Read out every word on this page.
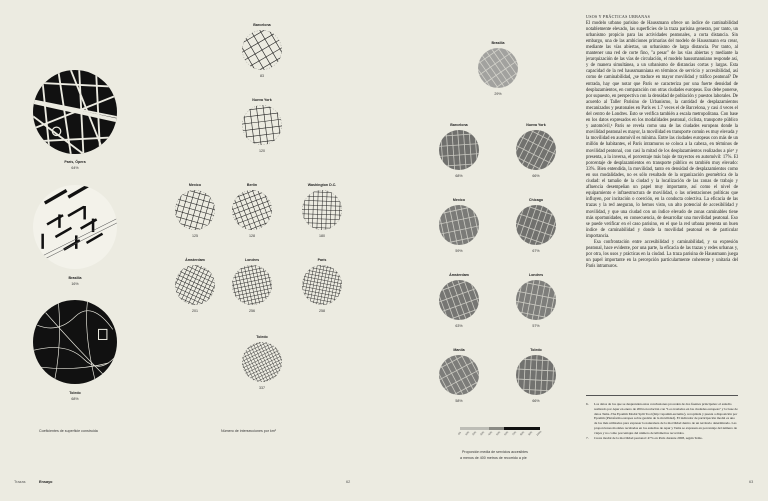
París, Ópera
64%
Brasilia
16%
Toledo
68%
Coeficientes de superficie construida
Barcelona
83
Nueva York
120
Mexico
125
Berlín
128
Washington D.C.
180
Ámsterdam
201
Londres
256
París
258
Toledo
337
Número de intersecciones por km²
Brasilia
29%
Barcelona
68%
Nueva York
66%
Mexico
59%
Chicago
67%
Ámsterdam
63%
Londres
57%
Manila
58%
Toledo
66%
0% 10% 20% 30% 40% 50% 60% 70% 80% 90% 100%
Proporción media de servicios accesibles
a menos de 400 metros de recorrido a pie

USOS Y PRÁCTICAS URBANAS

El modelo urbano parisino de Haussmann ofrece un índice de caminabilidad notablemente elevado, las superficies de la traza parisina generan, por tanto, un urbanismo propicio para las actividades peatonales, a corta distancia. Sin embargo, una de las ambiciones primarias del modelo de Haussmann era crear, mediante las vías abiertas, un urbanismo de larga distancia. Por tanto, al mantener una red de corte fino, "a pesar" de las vías abiertas y mediante la jerarquización de las vías de circulación, el modelo haussmanniano responde así, y de manera simultánea, a un urbanismo de distancias cortas y largas. Esta capacidad de la red haussmanniana en términos de servicio y accesibilidad, así como de caminabilidad, ¿se traduce en mayor movilidad y tráfico peatonal? De entrada, hay que notar que París se caracteriza por una fuerte densidad de desplazamientos, en comparación con otras ciudades europeas. Eso debe ponerse, por supuesto, en perspectiva con la densidad de población y puestos laborales. De acuerdo al Taller Parisino de Urbanismo, la cantidad de desplazamientos mecanizados y peatonales en París es 1.7 veces el de Barcelona, y casi 4 veces el del centro de Londres. Esto se verifica también a escala metropolitana. Con base en los datos expresados en los modalidades peatonal, ciclista, transporte público y automóvil,⁶ París se revela como una de las ciudades europeas donde la movilidad peatonal es mayor, la movilidad en transporte común es muy elevada y la movilidad en automóvil es mínima. Entre las ciudades europeas con más de un millón de habitantes, el París intramuros se coloca a la cabeza, en términos de movilidad peatonal, con casi la mitad de los desplazamientos realizados a pie⁷ y presenta, a la inversa, el porcentaje más bajo de trayectos en automóvil: 17%. El porcentaje de desplazamientos en transporte público es también muy elevado: 33%. Bien entendida, la movilidad, tanto en densidad de desplazamientos como en sus modalidades, no es sólo resultado de la organización geométrica de la ciudad: el tamaño de la ciudad y la localización de las zonas de trabajo y afluencia desempeñan un papel muy importante, así como el nivel de equipamiento e infraestructura de movilidad, o las orientaciones políticas que influyen, por incitación o coerción, en la conducta colectiva. La eficacia de las trazas y la red aseguran, lo hemos visto, un alto potencial de accesibilidad y movilidad, y que una ciudad con un índice elevado de zonas caminables tiene más oportunidades, en consecuencia, de desarrollar una movilidad peatonal. Eso se puede verificar en el caso parisino, en el que la red urbana presenta un buen índice de caminabilidad y donde la movilidad peatonal es de particular importancia.

Esa confrontación entre accesibilidad y caminabilidad, y su expresión peatonal, hace evidente, por una parte, la eficacia de las trazas y redes urbanas y, por otra, los usos y prácticas en la ciudad. La traza parisina de Haussmann juega un papel importante en la percepción particularmente coherente y unitaria del París intramuros.

6.	Los datos de los que se desprenden estas conclusiones proceden de dos fuentes principales: el estudio realizado por Apur en enero de 2004 en relación con "Los traslados en las ciudades europeas" y la base de datos Tems–The Epomm Modal Split Tool (http://epomm.eu/tems/), recopilada y puesta a disposición por Epomm (Plataforma europea sobre gestión de la movilidad). El indicador de participación modal es uno de los más utilizados para expresar la naturaleza de la movilidad dentro de un territorio determinado. Las proporciones modales recabadas en los estudios de Apur y Tems se expresan en porcentaje del número de viajes y no como porcentajes del número de kilómetros recorridos.
7.	Cuota modal de la movilidad peatonal: 47% en París durante 2008, según Tems.
Trazas	Ensayo	62	63
